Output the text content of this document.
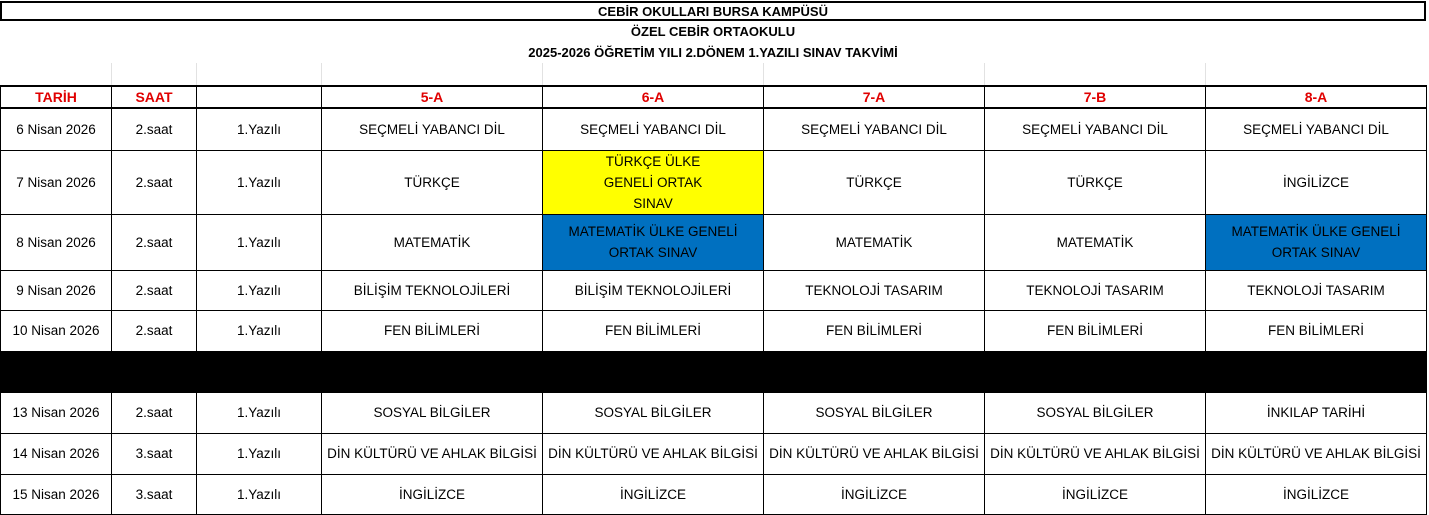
CEBİR OKULLARI BURSA KAMPÜSÜ
ÖZEL CEBİR ORTAOKULU
2025-2026 ÖĞRETİM YILI 2.DÖNEM 1.YAZILI SINAV TAKVİMİ
TARİH	SAAT		5-A	6-A	7-A	7-B	8-A
6 Nisan 2026	2.saat	1.Yazılı	SEÇMELİ YABANCI DİL	SEÇMELİ YABANCI DİL	SEÇMELİ YABANCI DİL	SEÇMELİ YABANCI DİL	SEÇMELİ YABANCI DİL
7 Nisan 2026	2.saat	1.Yazılı	TÜRKÇE	TÜRKÇE ÜLKE GENELİ ORTAK SINAV	TÜRKÇE	TÜRKÇE	İNGİLİZCE
8 Nisan 2026	2.saat	1.Yazılı	MATEMATİK	MATEMATİK ÜLKE GENELİ ORTAK SINAV	MATEMATİK	MATEMATİK	MATEMATİK ÜLKE GENELİ ORTAK SINAV
9 Nisan 2026	2.saat	1.Yazılı	BİLİŞİM TEKNOLOJİLERİ	BİLİŞİM TEKNOLOJİLERİ	TEKNOLOJİ TASARIM	TEKNOLOJİ TASARIM	TEKNOLOJİ TASARIM
10 Nisan 2026	2.saat	1.Yazılı	FEN BİLİMLERİ	FEN BİLİMLERİ	FEN BİLİMLERİ	FEN BİLİMLERİ	FEN BİLİMLERİ

13 Nisan 2026	2.saat	1.Yazılı	SOSYAL BİLGİLER	SOSYAL BİLGİLER	SOSYAL BİLGİLER	SOSYAL BİLGİLER	İNKILAP TARİHİ
14 Nisan 2026	3.saat	1.Yazılı	DİN KÜLTÜRÜ VE AHLAK BİLGİSİ	DİN KÜLTÜRÜ VE AHLAK BİLGİSİ	DİN KÜLTÜRÜ VE AHLAK BİLGİSİ	DİN KÜLTÜRÜ VE AHLAK BİLGİSİ	DİN KÜLTÜRÜ VE AHLAK BİLGİSİ
15 Nisan 2026	3.saat	1.Yazılı	İNGİLİZCE	İNGİLİZCE	İNGİLİZCE	İNGİLİZCE	İNGİLİZCE
